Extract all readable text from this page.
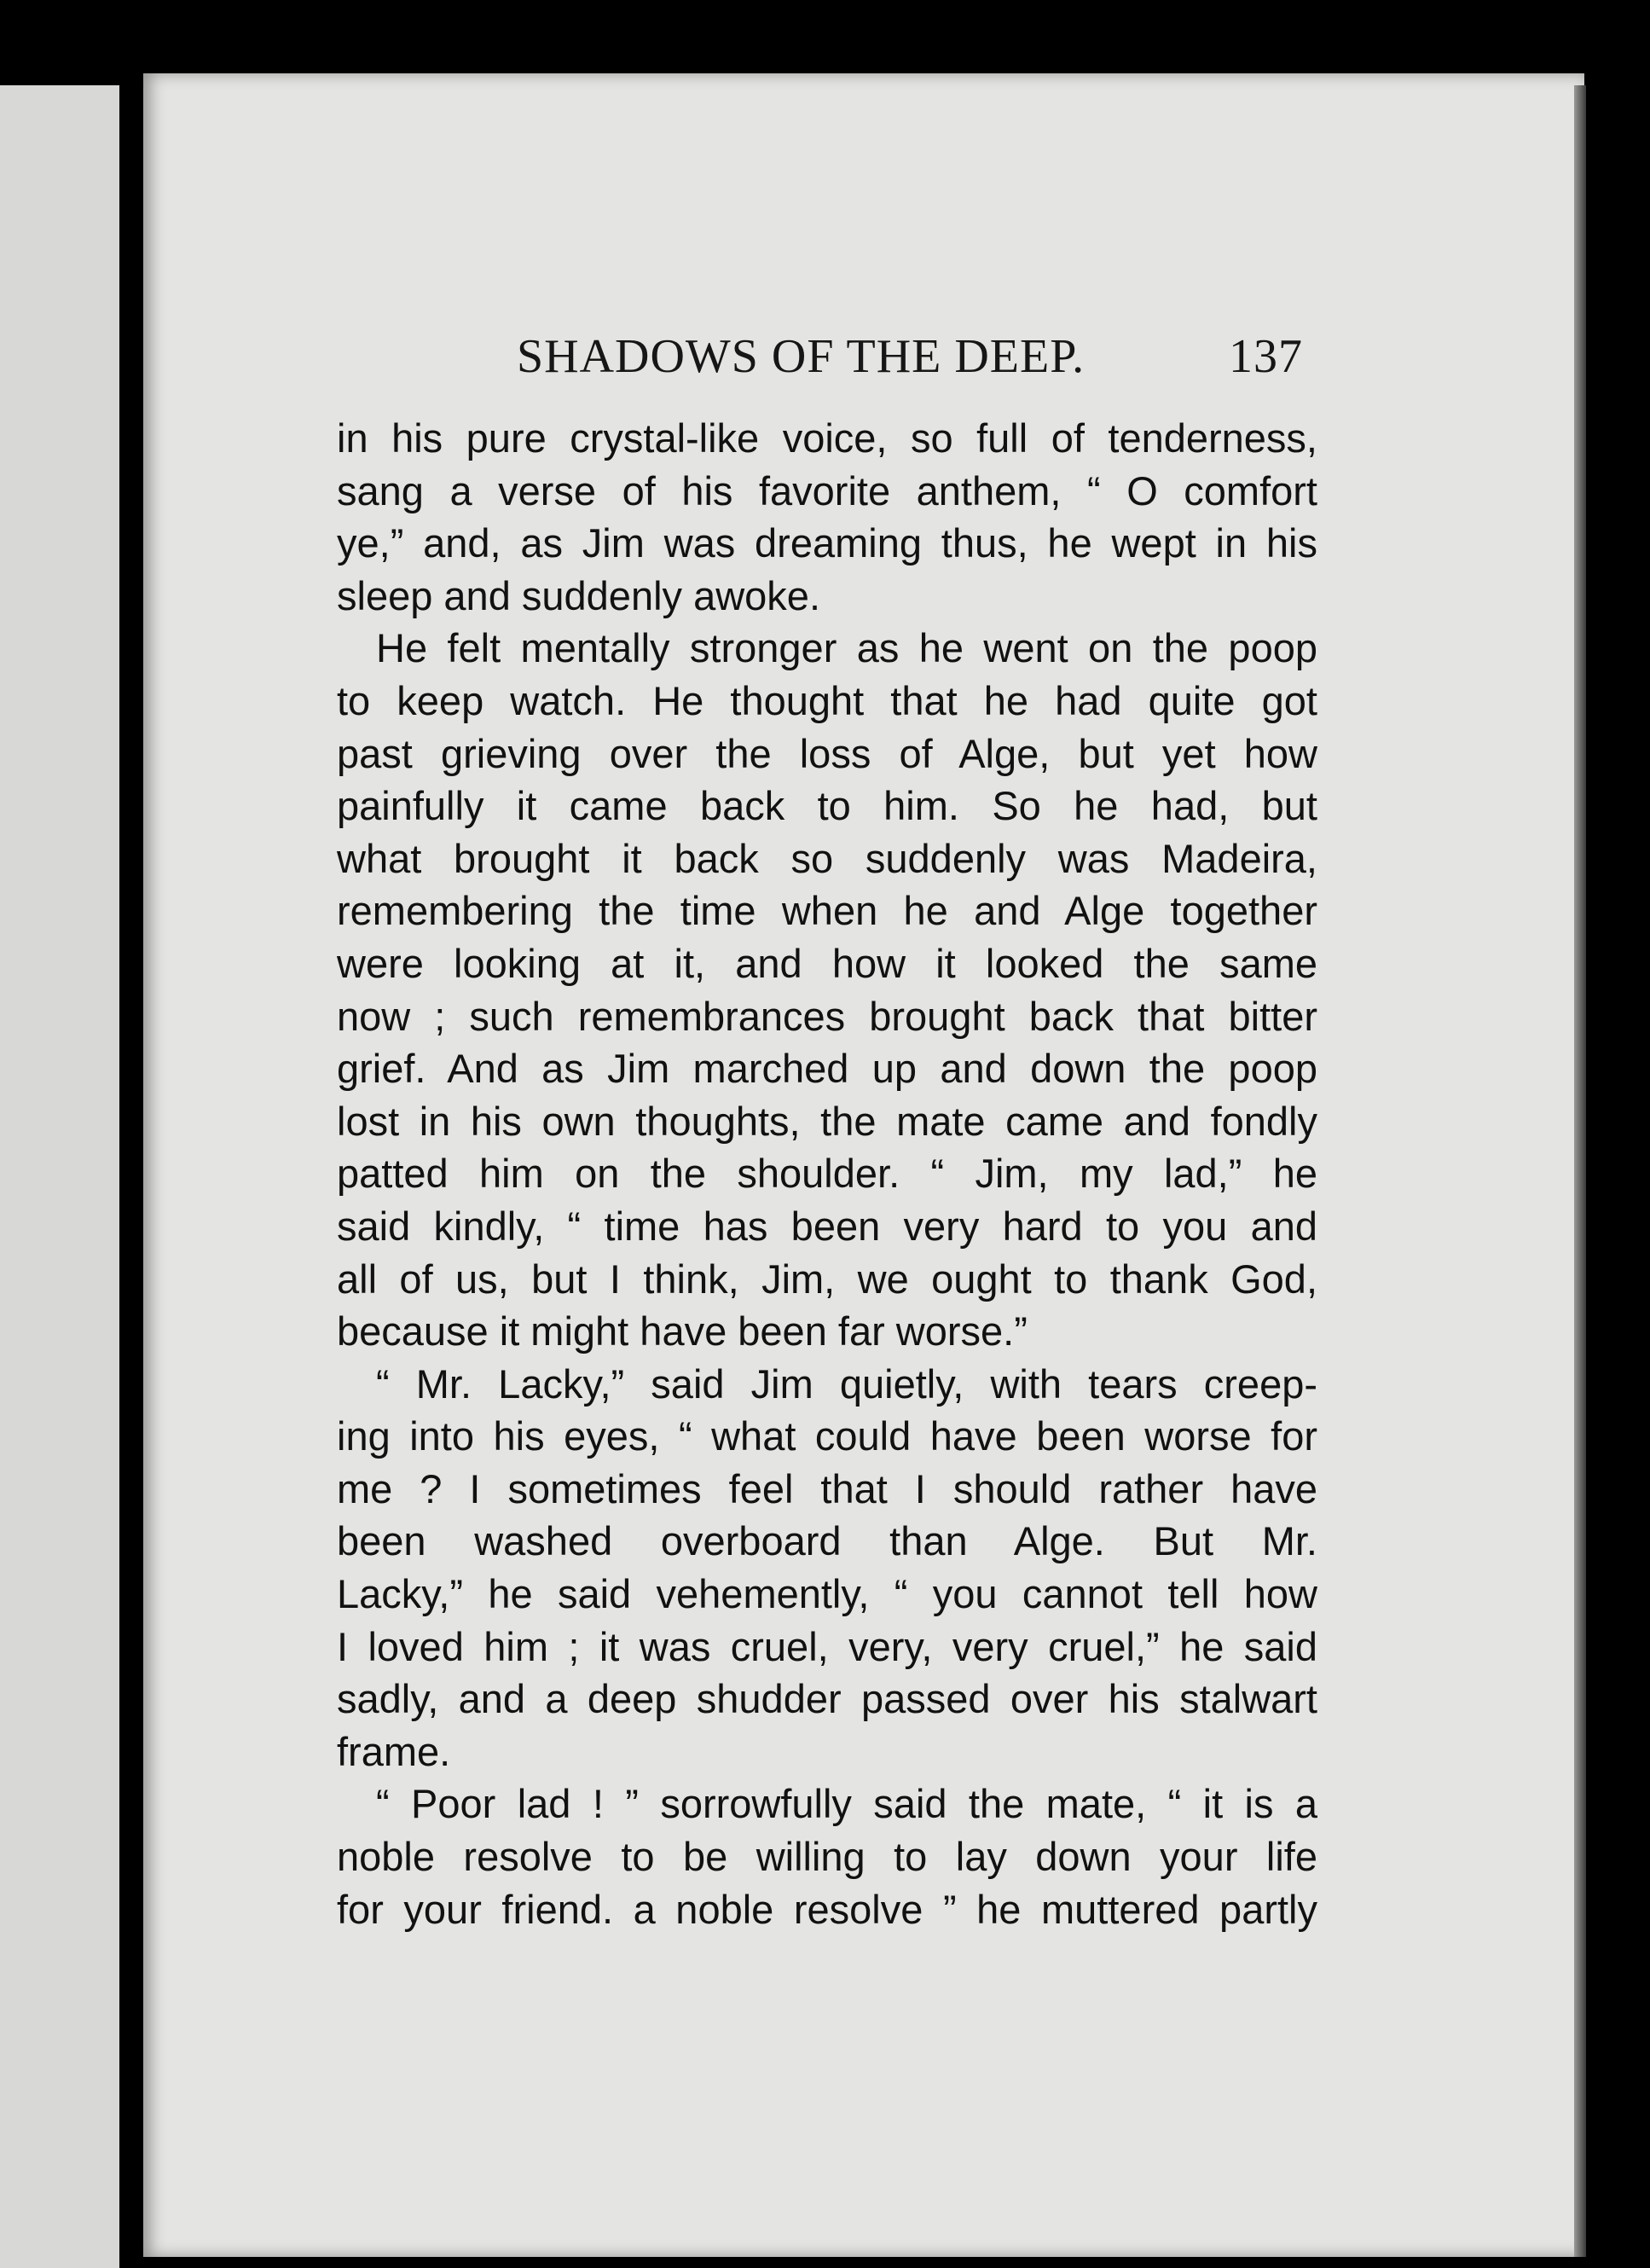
SHADOWS OF THE DEEP.	137
in his pure crystal-like voice, so full of tenderness,
sang a verse of his favorite anthem, “ O comfort
ye,” and, as Jim was dreaming thus, he wept in his
sleep and suddenly awoke.
He felt mentally stronger as he went on the poop
to keep watch. He thought that he had quite got
past grieving over the loss of Alge, but yet how
painfully it came back to him. So he had, but
what brought it back so suddenly was Madeira,
remembering the time when he and Alge together
were looking at it, and how it looked the same
now ; such remembrances brought back that bitter
grief. And as Jim marched up and down the poop
lost in his own thoughts, the mate came and fondly
patted him on the shoulder. “ Jim, my lad,” he
said kindly, “ time has been very hard to you and
all of us, but I think, Jim, we ought to thank God,
because it might have been far worse.”
“ Mr. Lacky,” said Jim quietly, with tears creep-
ing into his eyes, “ what could have been worse for
me ? I sometimes feel that I should rather have
been washed overboard than Alge. But Mr.
Lacky,” he said vehemently, “ you cannot tell how
I loved him ; it was cruel, very, very cruel,” he said
sadly, and a deep shudder passed over his stalwart
frame.
“ Poor lad ! ” sorrowfully said the mate, “ it is a
noble resolve to be willing to lay down your life
for your friend. a noble resolve ” he muttered partly
